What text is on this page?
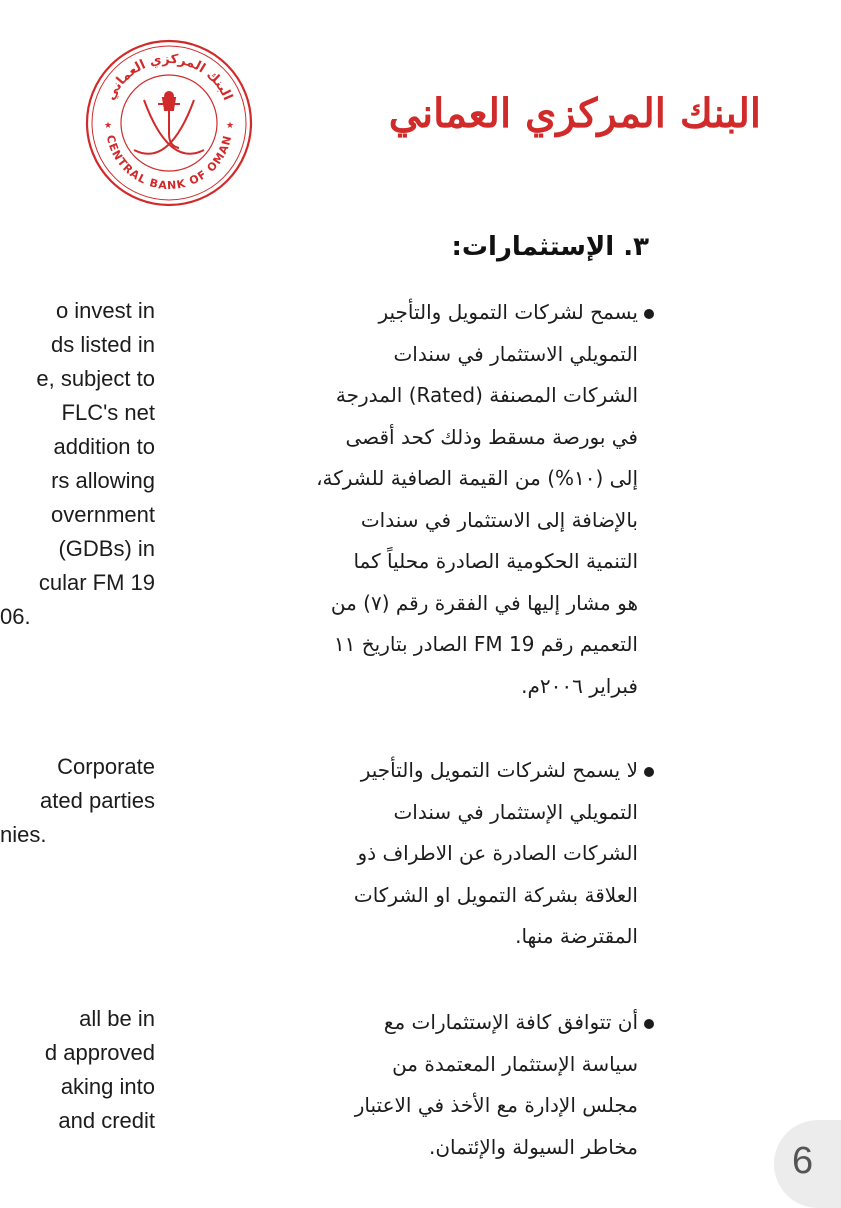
البنك المركزي العماني
CENTRAL BANK OF OMAN
★	★	البنك المركزي العماني
٣. الإستثمارات:
يسمح لشركات التمويل والتأجير
التمويلي الاستثمار في سندات
الشركات المصنفة (Rated) المدرجة
في بورصة مسقط وذلك كحد أقصى
إلى (١٠%) من القيمة الصافية للشركة،
بالإضافة إلى الاستثمار في سندات
التنمية الحكومية الصادرة محلياً كما
هو مشار إليها في الفقرة رقم (٧) من
التعميم رقم FM 19 الصادر بتاريخ ١١
فبراير ٢٠٠٦م.
لا يسمح لشركات التمويل والتأجير
التمويلي الإستثمار في سندات
الشركات الصادرة عن الاطراف ذو
العلاقة بشركة التمويل او الشركات
المقترضة منها.
أن تتوافق كافة الإستثمارات مع
سياسة الإستثمار المعتمدة من
مجلس الإدارة مع الأخذ في الاعتبار
مخاطر السيولة والإئتمان.
o invest in
ds listed in
e, subject to
FLC's net
addition to
rs allowing
overnment
(GDBs) in
cular FM 19
06.
Corporate
ated parties
nies.
all be in
d approved
aking into
and credit
6
